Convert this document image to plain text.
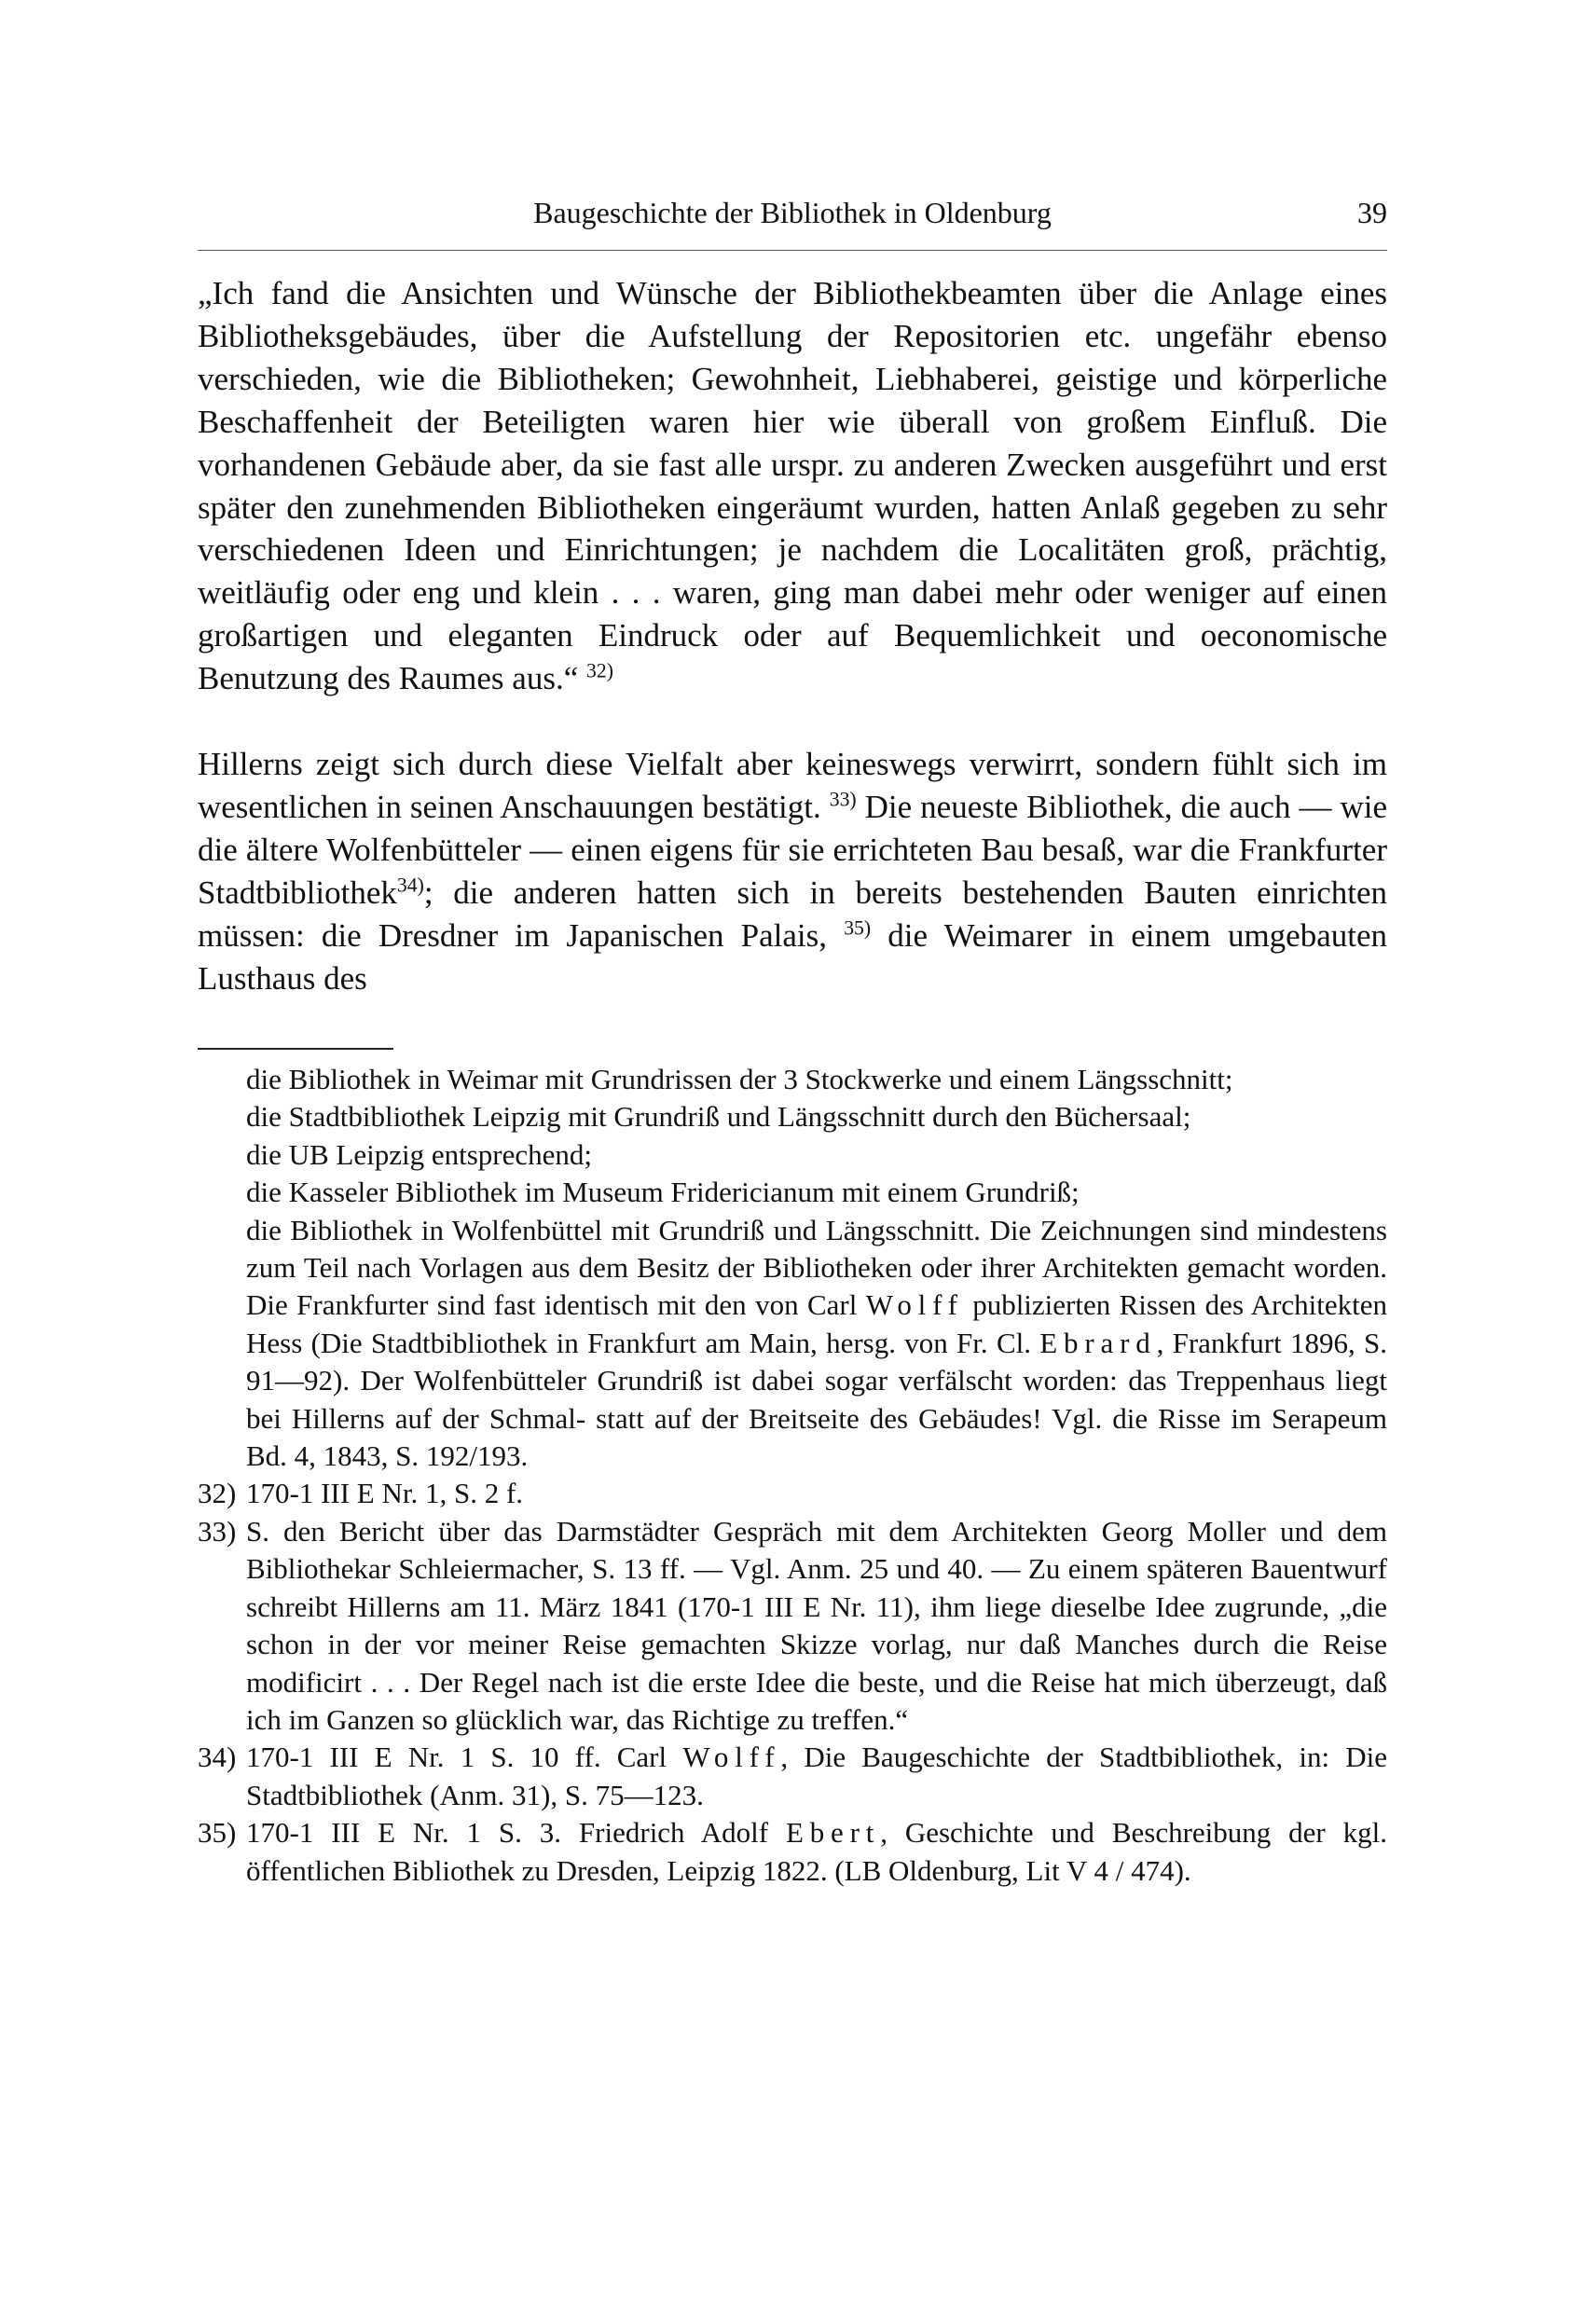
Baugeschichte der Bibliothek in Oldenburg	39

„Ich fand die Ansichten und Wünsche der Bibliothekbeamten über die Anlage eines Bibliotheksgebäudes, über die Aufstellung der Repositorien etc. ungefähr ebenso verschieden, wie die Bibliotheken; Gewohnheit, Liebhaberei, geistige und körperliche Beschaffenheit der Beteiligten waren hier wie überall von großem Einfluß. Die vorhandenen Gebäude aber, da sie fast alle urspr. zu anderen Zwecken ausgeführt und erst später den zunehmenden Bibliotheken eingeräumt wurden, hatten Anlaß gegeben zu sehr verschiedenen Ideen und Einrichtungen; je nachdem die Localitäten groß, prächtig, weitläufig oder eng und klein . . . waren, ging man dabei mehr oder weniger auf einen großartigen und eleganten Eindruck oder auf Bequemlichkeit und oeconomische Benutzung des Raumes aus.“ $^{32)}$

Hillerns zeigt sich durch diese Vielfalt aber keineswegs verwirrt, sondern fühlt sich im wesentlichen in seinen Anschauungen bestätigt. $^{33)}$ Die neueste Bibliothek, die auch — wie die ältere Wolfenbütteler — einen eigens für sie errichteten Bau besaß, war die Frankfurter Stadtbibliothek$^{34)}$; die anderen hatten sich in bereits bestehenden Bauten einrichten müssen: die Dresdner im Japanischen Palais, $^{35)}$ die Weimarer in einem umgebauten Lusthaus des

die Bibliothek in Weimar mit Grundrissen der 3 Stockwerke und einem Längsschnitt;

die Stadtbibliothek Leipzig mit Grundriß und Längsschnitt durch den Büchersaal;

die UB Leipzig entsprechend;

die Kasseler Bibliothek im Museum Fridericianum mit einem Grundriß;

die Bibliothek in Wolfenbüttel mit Grundriß und Längsschnitt. Die Zeichnungen sind mindestens zum Teil nach Vorlagen aus dem Besitz der Bibliotheken oder ihrer Architekten gemacht worden. Die Frankfurter sind fast identisch mit den von Carl Wolff publizierten Rissen des Architekten Hess (Die Stadtbibliothek in Frankfurt am Main, hersg. von Fr. Cl. Ebrard, Frankfurt 1896, S. 91—92). Der Wolfenbütteler Grundriß ist dabei sogar verfälscht worden: das Treppenhaus liegt bei Hillerns auf der Schmal- statt auf der Breitseite des Gebäudes! Vgl. die Risse im Serapeum Bd. 4, 1843, S. 192/193.

32) 170-1 III E Nr. 1, S. 2 f.

33) S. den Bericht über das Darmstädter Gespräch mit dem Architekten Georg Moller und dem Bibliothekar Schleiermacher, S. 13 ff. — Vgl. Anm. 25 und 40. — Zu einem späteren Bauentwurf schreibt Hillerns am 11. März 1841 (170-1 III E Nr. 11), ihm liege dieselbe Idee zugrunde, „die schon in der vor meiner Reise gemachten Skizze vorlag, nur daß Manches durch die Reise modificirt . . . Der Regel nach ist die erste Idee die beste, und die Reise hat mich überzeugt, daß ich im Ganzen so glücklich war, das Richtige zu treffen.“

34) 170-1 III E Nr. 1 S. 10 ff. Carl Wolff, Die Baugeschichte der Stadtbibliothek, in: Die Stadtbibliothek (Anm. 31), S. 75—123.

35) 170-1 III E Nr. 1 S. 3. Friedrich Adolf Ebert, Geschichte und Beschreibung der kgl. öffentlichen Bibliothek zu Dresden, Leipzig 1822. (LB Oldenburg, Lit V 4 / 474).
